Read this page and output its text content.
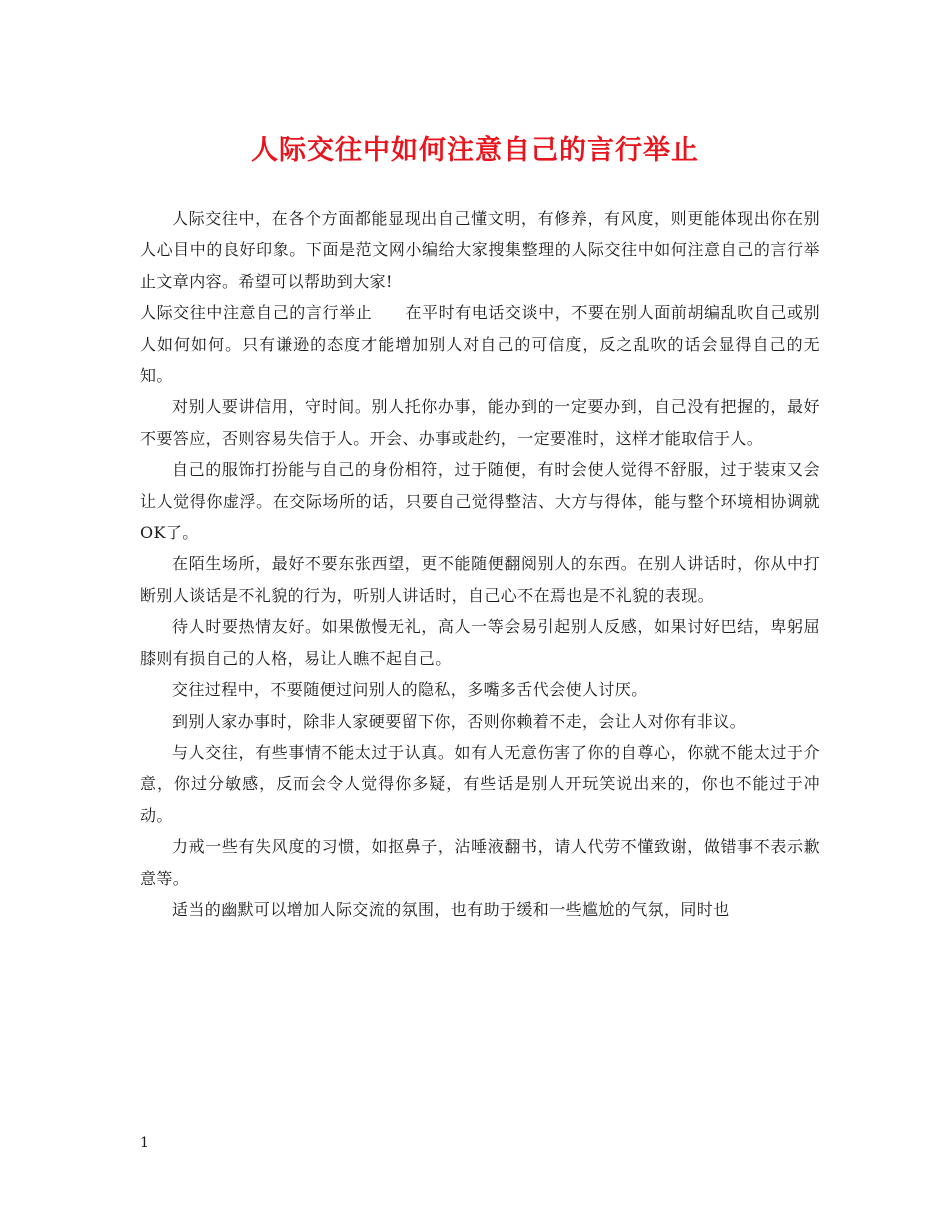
人际交往中如何注意自己的言行举止

人际交往中，在各个方面都能显现出自己懂文明，有修养，有风度，则更能体现出你在别人心目中的良好印象。下面是范文网小编给大家搜集整理的人际交往中如何注意自己的言行举止文章内容。希望可以帮助到大家!

人际交往中注意自己的言行举止　　在平时有电话交谈中，不要在别人面前胡编乱吹自己或别人如何如何。只有谦逊的态度才能增加别人对自己的可信度，反之乱吹的话会显得自己的无知。

对别人要讲信用，守时间。别人托你办事，能办到的一定要办到，自己没有把握的，最好不要答应，否则容易失信于人。开会、办事或赴约，一定要准时，这样才能取信于人。

自己的服饰打扮能与自己的身份相符，过于随便，有时会使人觉得不舒服，过于装束又会让人觉得你虚浮。在交际场所的话，只要自己觉得整洁、大方与得体，能与整个环境相协调就OK了。

在陌生场所，最好不要东张西望，更不能随便翻阅别人的东西。在别人讲话时，你从中打断别人谈话是不礼貌的行为，听别人讲话时，自己心不在焉也是不礼貌的表现。

待人时要热情友好。如果傲慢无礼，高人一等会易引起别人反感，如果讨好巴结，卑躬屈膝则有损自己的人格，易让人瞧不起自己。

交往过程中，不要随便过问别人的隐私，多嘴多舌代会使人讨厌。

到别人家办事时，除非人家硬要留下你，否则你赖着不走，会让人对你有非议。

与人交往，有些事情不能太过于认真。如有人无意伤害了你的自尊心，你就不能太过于介意，你过分敏感，反而会令人觉得你多疑，有些话是别人开玩笑说出来的，你也不能过于冲动。

力戒一些有失风度的习惯，如抠鼻子，沾唾液翻书，请人代劳不懂致谢，做错事不表示歉意等。

适当的幽默可以增加人际交流的氛围，也有助于缓和一些尴尬的气氛，同时也

1
